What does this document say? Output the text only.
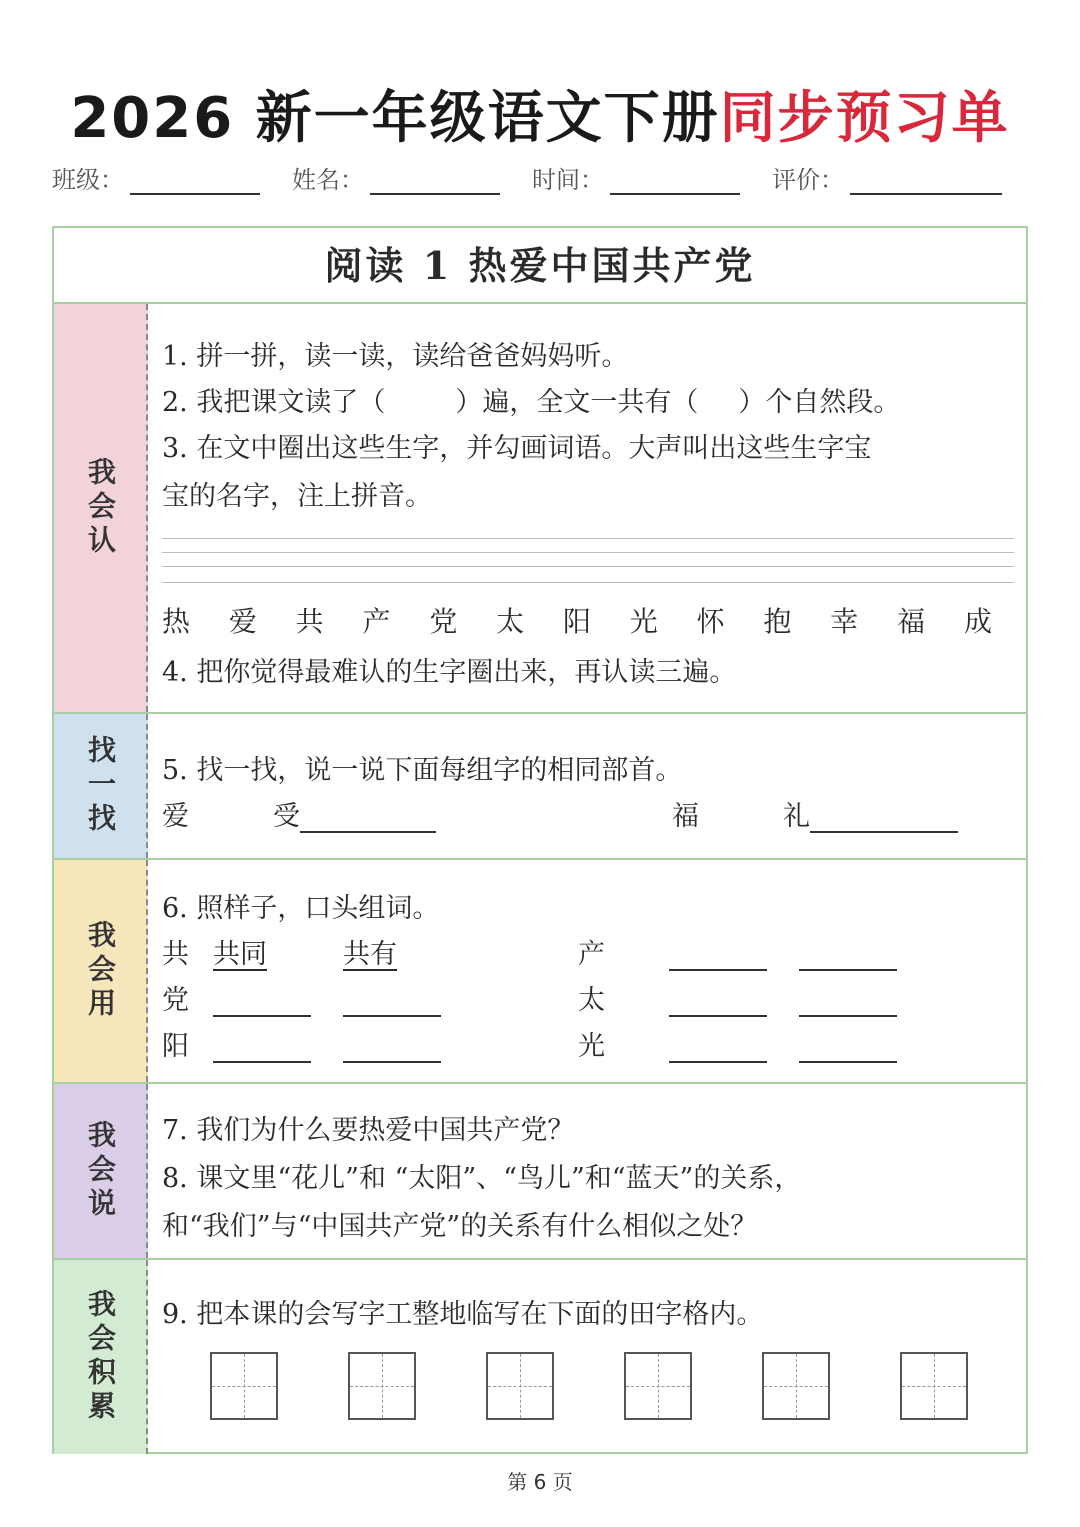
2026 新一年级语文下册同步预习单
班级：	姓名：	时间：	评价：
阅读 1 热爱中国共产党
我会认
1. 拼一拼，读一读，读给爸爸妈妈听。
2. 我把课文读了（	）遍，全文一共有（ ）个自然段。
3. 在文中圈出这些生字，并勾画词语。大声叫出这些生字宝
宝的名字，注上拼音。
热 爱 共 产 党 太 阳 光 怀 抱 幸 福 成
4. 把你觉得最难认的生字圈出来，再认读三遍。
找一找 5. 找一找，说一说下面每组字的相同部首。
爱	受	福	礼
我会用
6. 照样子，口头组词。
共 共同	共有	产
党	太
阳	光
我会说 7. 我们为什么要热爱中国共产党？
8. 课文里“花儿”和 “太阳”、“鸟儿”和“蓝天”的关系，
和“我们”与“中国共产党”的关系有什么相似之处？
我会积累 9. 把本课的会写字工整地临写在下面的田字格内。
第 6 页
